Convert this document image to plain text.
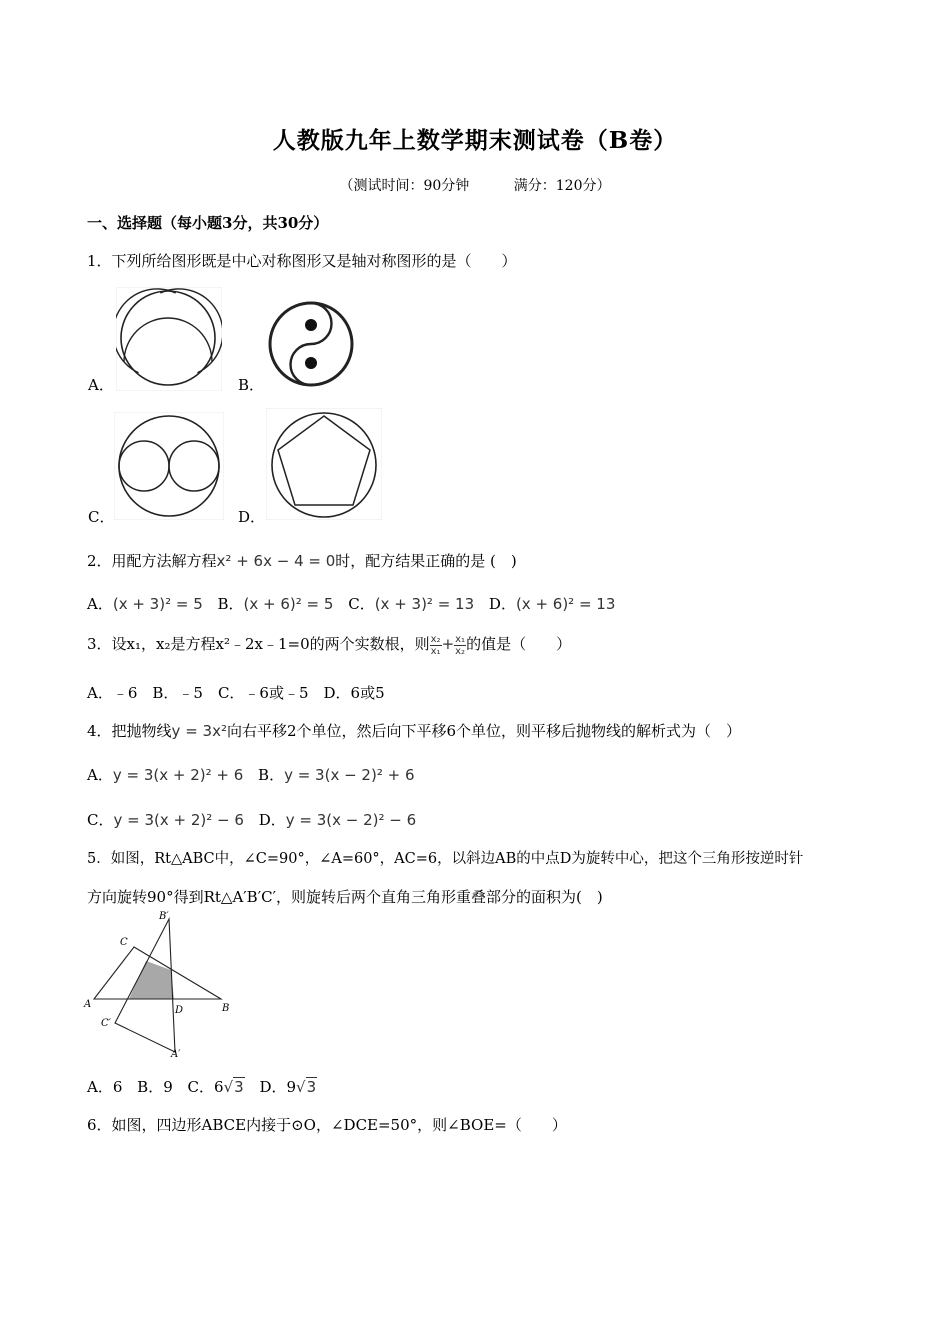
人教版九年上数学期末测试卷（B卷）
（测试时间：90分钟	满分：120分）
一、选择题（每小题3分，共30分）
1．下列所给图形既是中心对称图形又是轴对称图形的是（　　）
A．	B．
C．	D．
2．用配方法解方程x² + 6x − 4 = 0时，配方结果正确的是 (　)
A．(x + 3)² = 5 B．(x + 6)² = 5 C．(x + 3)² = 13 D．(x + 6)² = 13
3．设x₁，x₂是方程x²﹣2x﹣1=0的两个实数根，则 $\frac{\text{x₂}}{\text{x₁}} + \frac{\text{x₁}}{\text{x₂}}$ 的值是（　　）
A．﹣6　B．﹣5　C．﹣6或﹣5　D．6或5
4．把抛物线y = 3x²向右平移2个单位，然后向下平移6个单位，则平移后抛物线的解析式为（　）
A．y = 3(x + 2)² + 6 B．y = 3(x − 2)² + 6
C．y = 3(x + 2)² − 6 D．y = 3(x − 2)² − 6
5．如图，Rt△ABC中，∠C=90°，∠A=60°，AC=6，以斜边AB的中点D为旋转中心，把这个三角形按逆时针
方向旋转90°得到Rt△A′B′C′，则旋转后两个直角三角形重叠部分的面积为(　)
B′
C
A
D	B
C′
A′
A．6 B．9 C．6√3 D．9√3
6．如图，四边形ABCE内接于⊙O，∠DCE=50°，则∠BOE=（　　）
